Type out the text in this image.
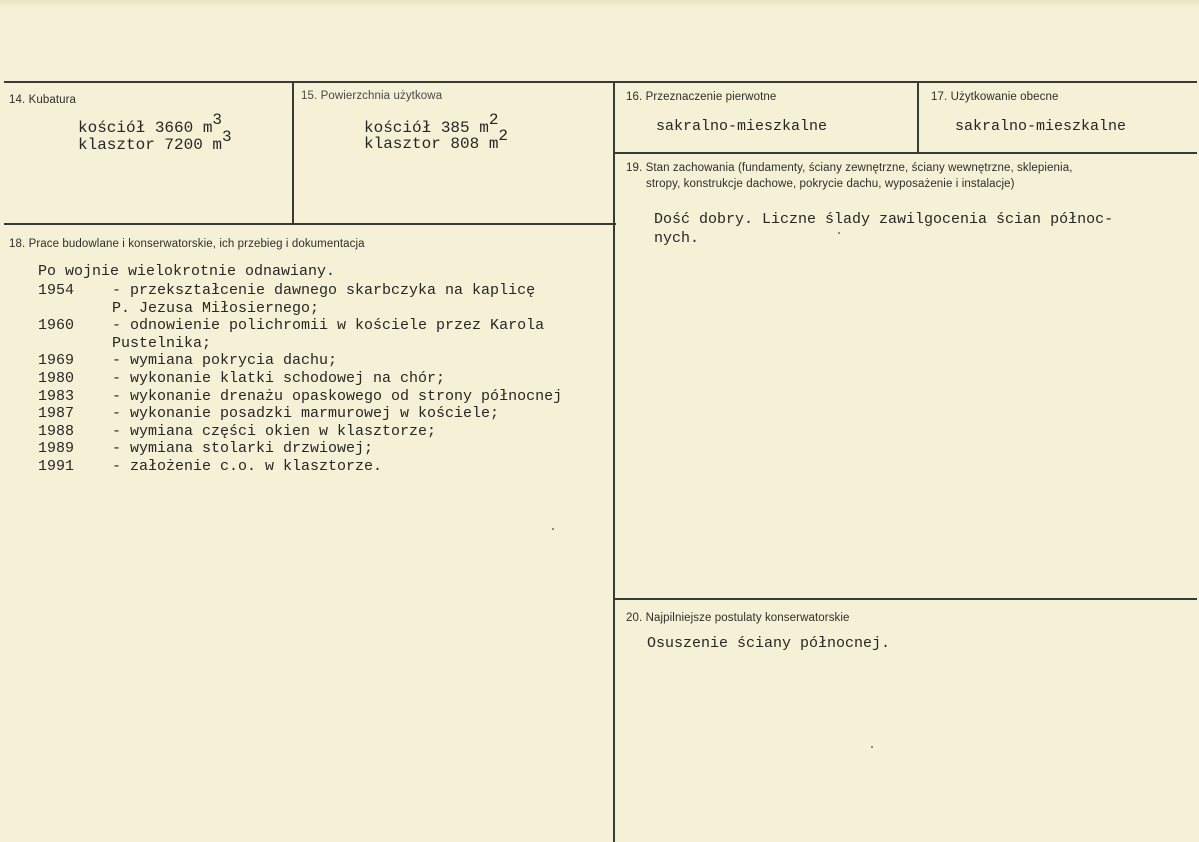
14. Kubatura
kościół 3660 m3
klasztor 7200 m3
15. Powierzchnia użytkowa
kościół 385 m2
klasztor 808 m2
16. Przeznaczenie pierwotne
sakralno-mieszkalne
17. Użytkowanie obecne
sakralno-mieszkalne
19. Stan zachowania (fundamenty, ściany zewnętrzne, ściany wewnętrzne, sklepienia,
stropy, konstrukcje dachowe, pokrycie dachu, wyposażenie i instalacje)
Dość dobry. Liczne ślady zawilgocenia ścian północ-
nych.
18. Prace budowlane i konserwatorskie, ich przebieg i dokumentacja
Po wojnie wielokrotnie odnawiany.
1954	- przekształcenie dawnego skarbczyka na kaplicę
P. Jezusa Miłosiernego;
1960	- odnowienie polichromii w kościele przez Karola
Pustelnika;
1969	- wymiana pokrycia dachu;
1980	- wykonanie klatki schodowej na chór;
1983	- wykonanie drenażu opaskowego od strony północnej
1987	- wykonanie posadzki marmurowej w kościele;
1988	- wymiana części okien w klasztorze;
1989	- wymiana stolarki drzwiowej;
1991	- założenie c.o. w klasztorze.
20. Najpilniejsze postulaty konserwatorskie
Osuszenie ściany północnej.
